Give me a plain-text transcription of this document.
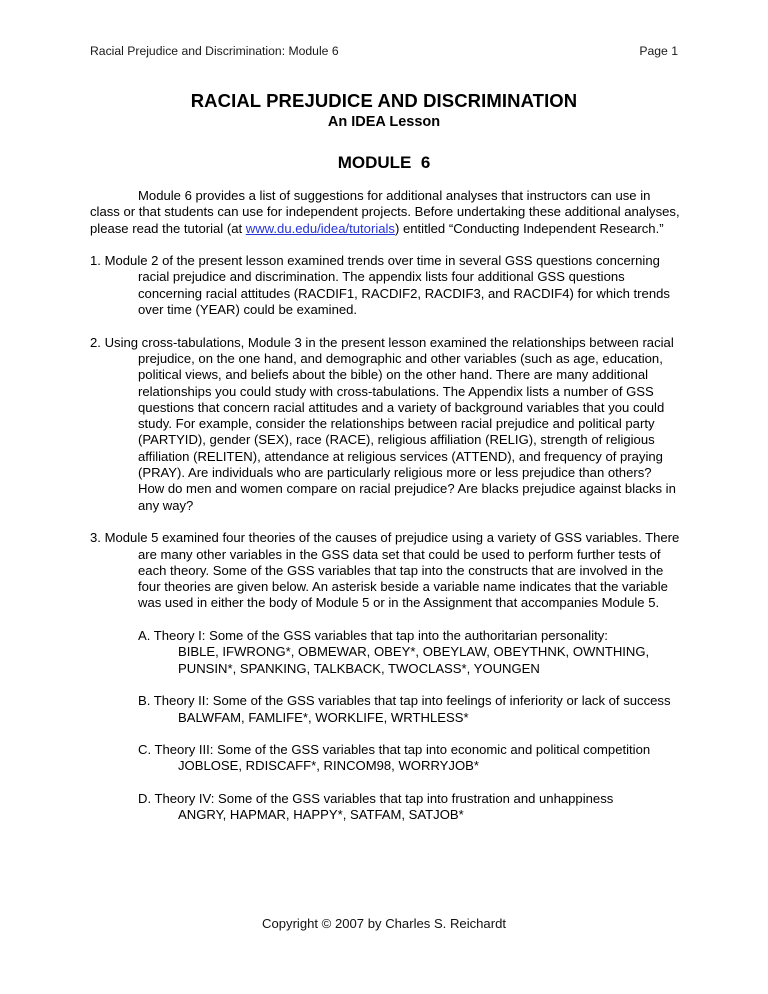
Racial Prejudice and Discrimination: Module 6	Page 1
RACIAL PREJUDICE AND DISCRIMINATION
An IDEA Lesson
MODULE  6

Module 6 provides a list of suggestions for additional analyses that instructors can use in class or that students can use for independent projects. Before undertaking these additional analyses, please read the tutorial (at www.du.edu/idea/tutorials) entitled “Conducting Independent Research.”

1. Module 2 of the present lesson examined trends over time in several GSS questions concerning racial prejudice and discrimination. The appendix lists four additional GSS questions concerning racial attitudes (RACDIF1, RACDIF2, RACDIF3, and RACDIF4) for which trends over time (YEAR) could be examined.

2. Using cross-tabulations, Module 3 in the present lesson examined the relationships between racial prejudice, on the one hand, and demographic and other variables (such as age, education, political views, and beliefs about the bible) on the other hand. There are many additional relationships you could study with cross-tabulations. The Appendix lists a number of GSS questions that concern racial attitudes and a variety of background variables that you could study. For example, consider the relationships between racial prejudice and political party (PARTYID), gender (SEX), race (RACE), religious affiliation (RELIG), strength of religious affiliation (RELITEN), attendance at religious services (ATTEND), and frequency of praying (PRAY). Are individuals who are particularly religious more or less prejudice than others? How do men and women compare on racial prejudice? Are blacks prejudice against blacks in any way?

3. Module 5 examined four theories of the causes of prejudice using a variety of GSS variables. There are many other variables in the GSS data set that could be used to perform further tests of each theory. Some of the GSS variables that tap into the constructs that are involved in the four theories are given below. An asterisk beside a variable name indicates that the variable was used in either the body of Module 5 or in the Assignment that accompanies Module 5.

A. Theory I: Some of the GSS variables that tap into the authoritarian personality:

BIBLE, IFWRONG*, OBMEWAR, OBEY*, OBEYLAW, OBEYTHNK, OWNTHING, PUNSIN*, SPANKING, TALKBACK, TWOCLASS*, YOUNGEN

B. Theory II: Some of the GSS variables that tap into feelings of inferiority or lack of success

BALWFAM, FAMLIFE*, WORKLIFE, WRTHLESS*

C. Theory III: Some of the GSS variables that tap into economic and political competition

JOBLOSE, RDISCAFF*, RINCOM98, WORRYJOB*

D. Theory IV: Some of the GSS variables that tap into frustration and unhappiness

ANGRY, HAPMAR, HAPPY*, SATFAM, SATJOB*

Copyright © 2007 by Charles S. Reichardt
